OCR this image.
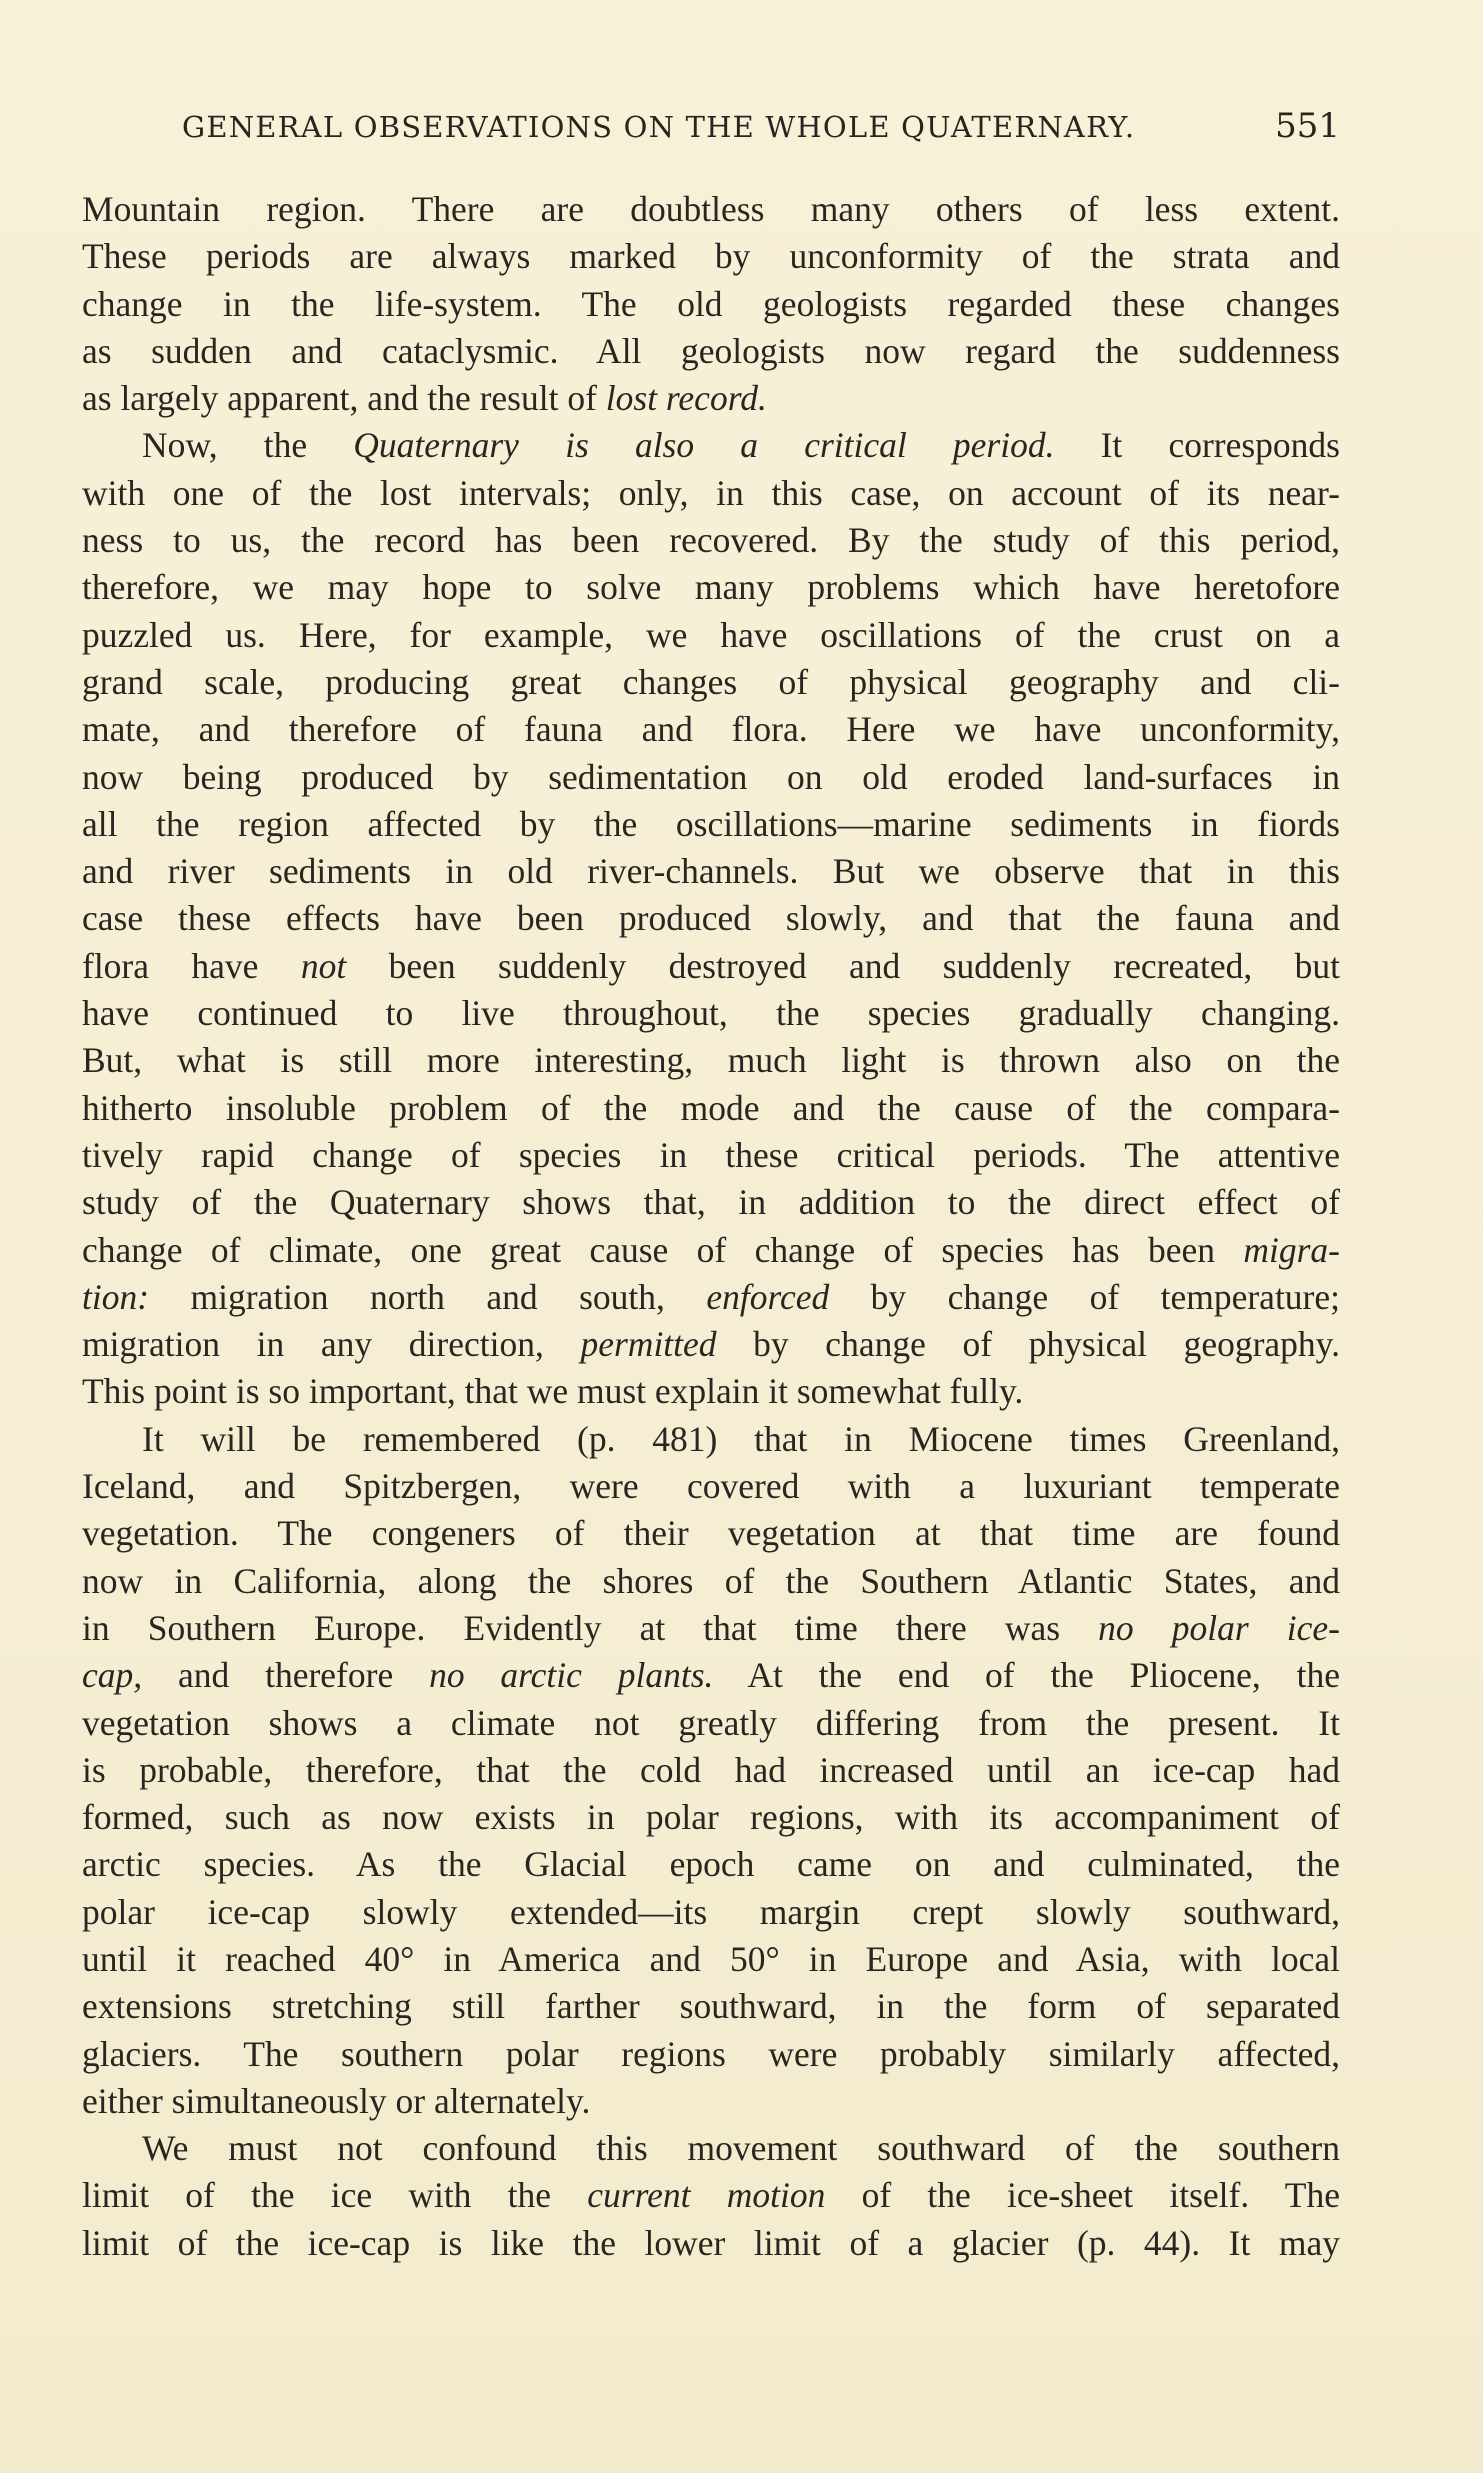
GENERAL OBSERVATIONS ON THE WHOLE QUATERNARY.	551
Mountain region. There are doubtless many others of less extent.
These periods are always marked by unconformity of the strata and
change in the life-system. The old geologists regarded these changes
as sudden and cataclysmic. All geologists now regard the suddenness
as largely apparent, and the result of lost record.
Now, the Quaternary is also a critical period. It corresponds
with one of the lost intervals; only, in this case, on account of its near-
ness to us, the record has been recovered. By the study of this period,
therefore, we may hope to solve many problems which have heretofore
puzzled us. Here, for example, we have oscillations of the crust on a
grand scale, producing great changes of physical geography and cli-
mate, and therefore of fauna and flora. Here we have unconformity,
now being produced by sedimentation on old eroded land-surfaces in
all the region affected by the oscillations—marine sediments in fiords
and river sediments in old river-channels. But we observe that in this
case these effects have been produced slowly, and that the fauna and
flora have not been suddenly destroyed and suddenly recreated, but
have continued to live throughout, the species gradually changing.
But, what is still more interesting, much light is thrown also on the
hitherto insoluble problem of the mode and the cause of the compara-
tively rapid change of species in these critical periods. The attentive
study of the Quaternary shows that, in addition to the direct effect of
change of climate, one great cause of change of species has been migra-
tion: migration north and south, enforced by change of temperature;
migration in any direction, permitted by change of physical geography.
This point is so important, that we must explain it somewhat fully.
It will be remembered (p. 481) that in Miocene times Greenland,
Iceland, and Spitzbergen, were covered with a luxuriant temperate
vegetation. The congeners of their vegetation at that time are found
now in California, along the shores of the Southern Atlantic States, and
in Southern Europe. Evidently at that time there was no polar ice-
cap, and therefore no arctic plants. At the end of the Pliocene, the
vegetation shows a climate not greatly differing from the present. It
is probable, therefore, that the cold had increased until an ice-cap had
formed, such as now exists in polar regions, with its accompaniment of
arctic species. As the Glacial epoch came on and culminated, the
polar ice-cap slowly extended—its margin crept slowly southward,
until it reached 40° in America and 50° in Europe and Asia, with local
extensions stretching still farther southward, in the form of separated
glaciers. The southern polar regions were probably similarly affected,
either simultaneously or alternately.
We must not confound this movement southward of the southern
limit of the ice with the current motion of the ice-sheet itself. The
limit of the ice-cap is like the lower limit of a glacier (p. 44). It may
